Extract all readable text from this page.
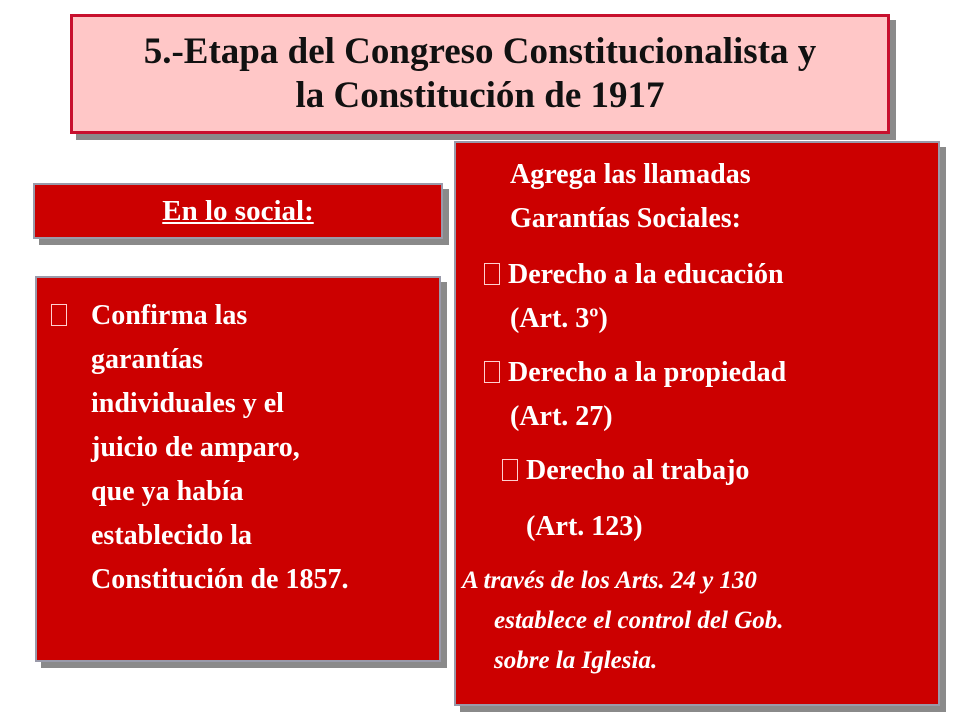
5.-Etapa del Congreso Constitucionalista y
la Constitución de 1917
En lo social:
Confirma las
garantías
individuales y el
juicio de amparo,
que ya había
establecido la
Constitución de 1857.
Agrega las llamadas
Garantías Sociales:
Derecho a la educación
(Art. 3º)
Derecho a la propiedad
(Art. 27)
Derecho al trabajo
(Art. 123)
A través de los Arts. 24 y 130
establece el control del Gob.
sobre la Iglesia.
